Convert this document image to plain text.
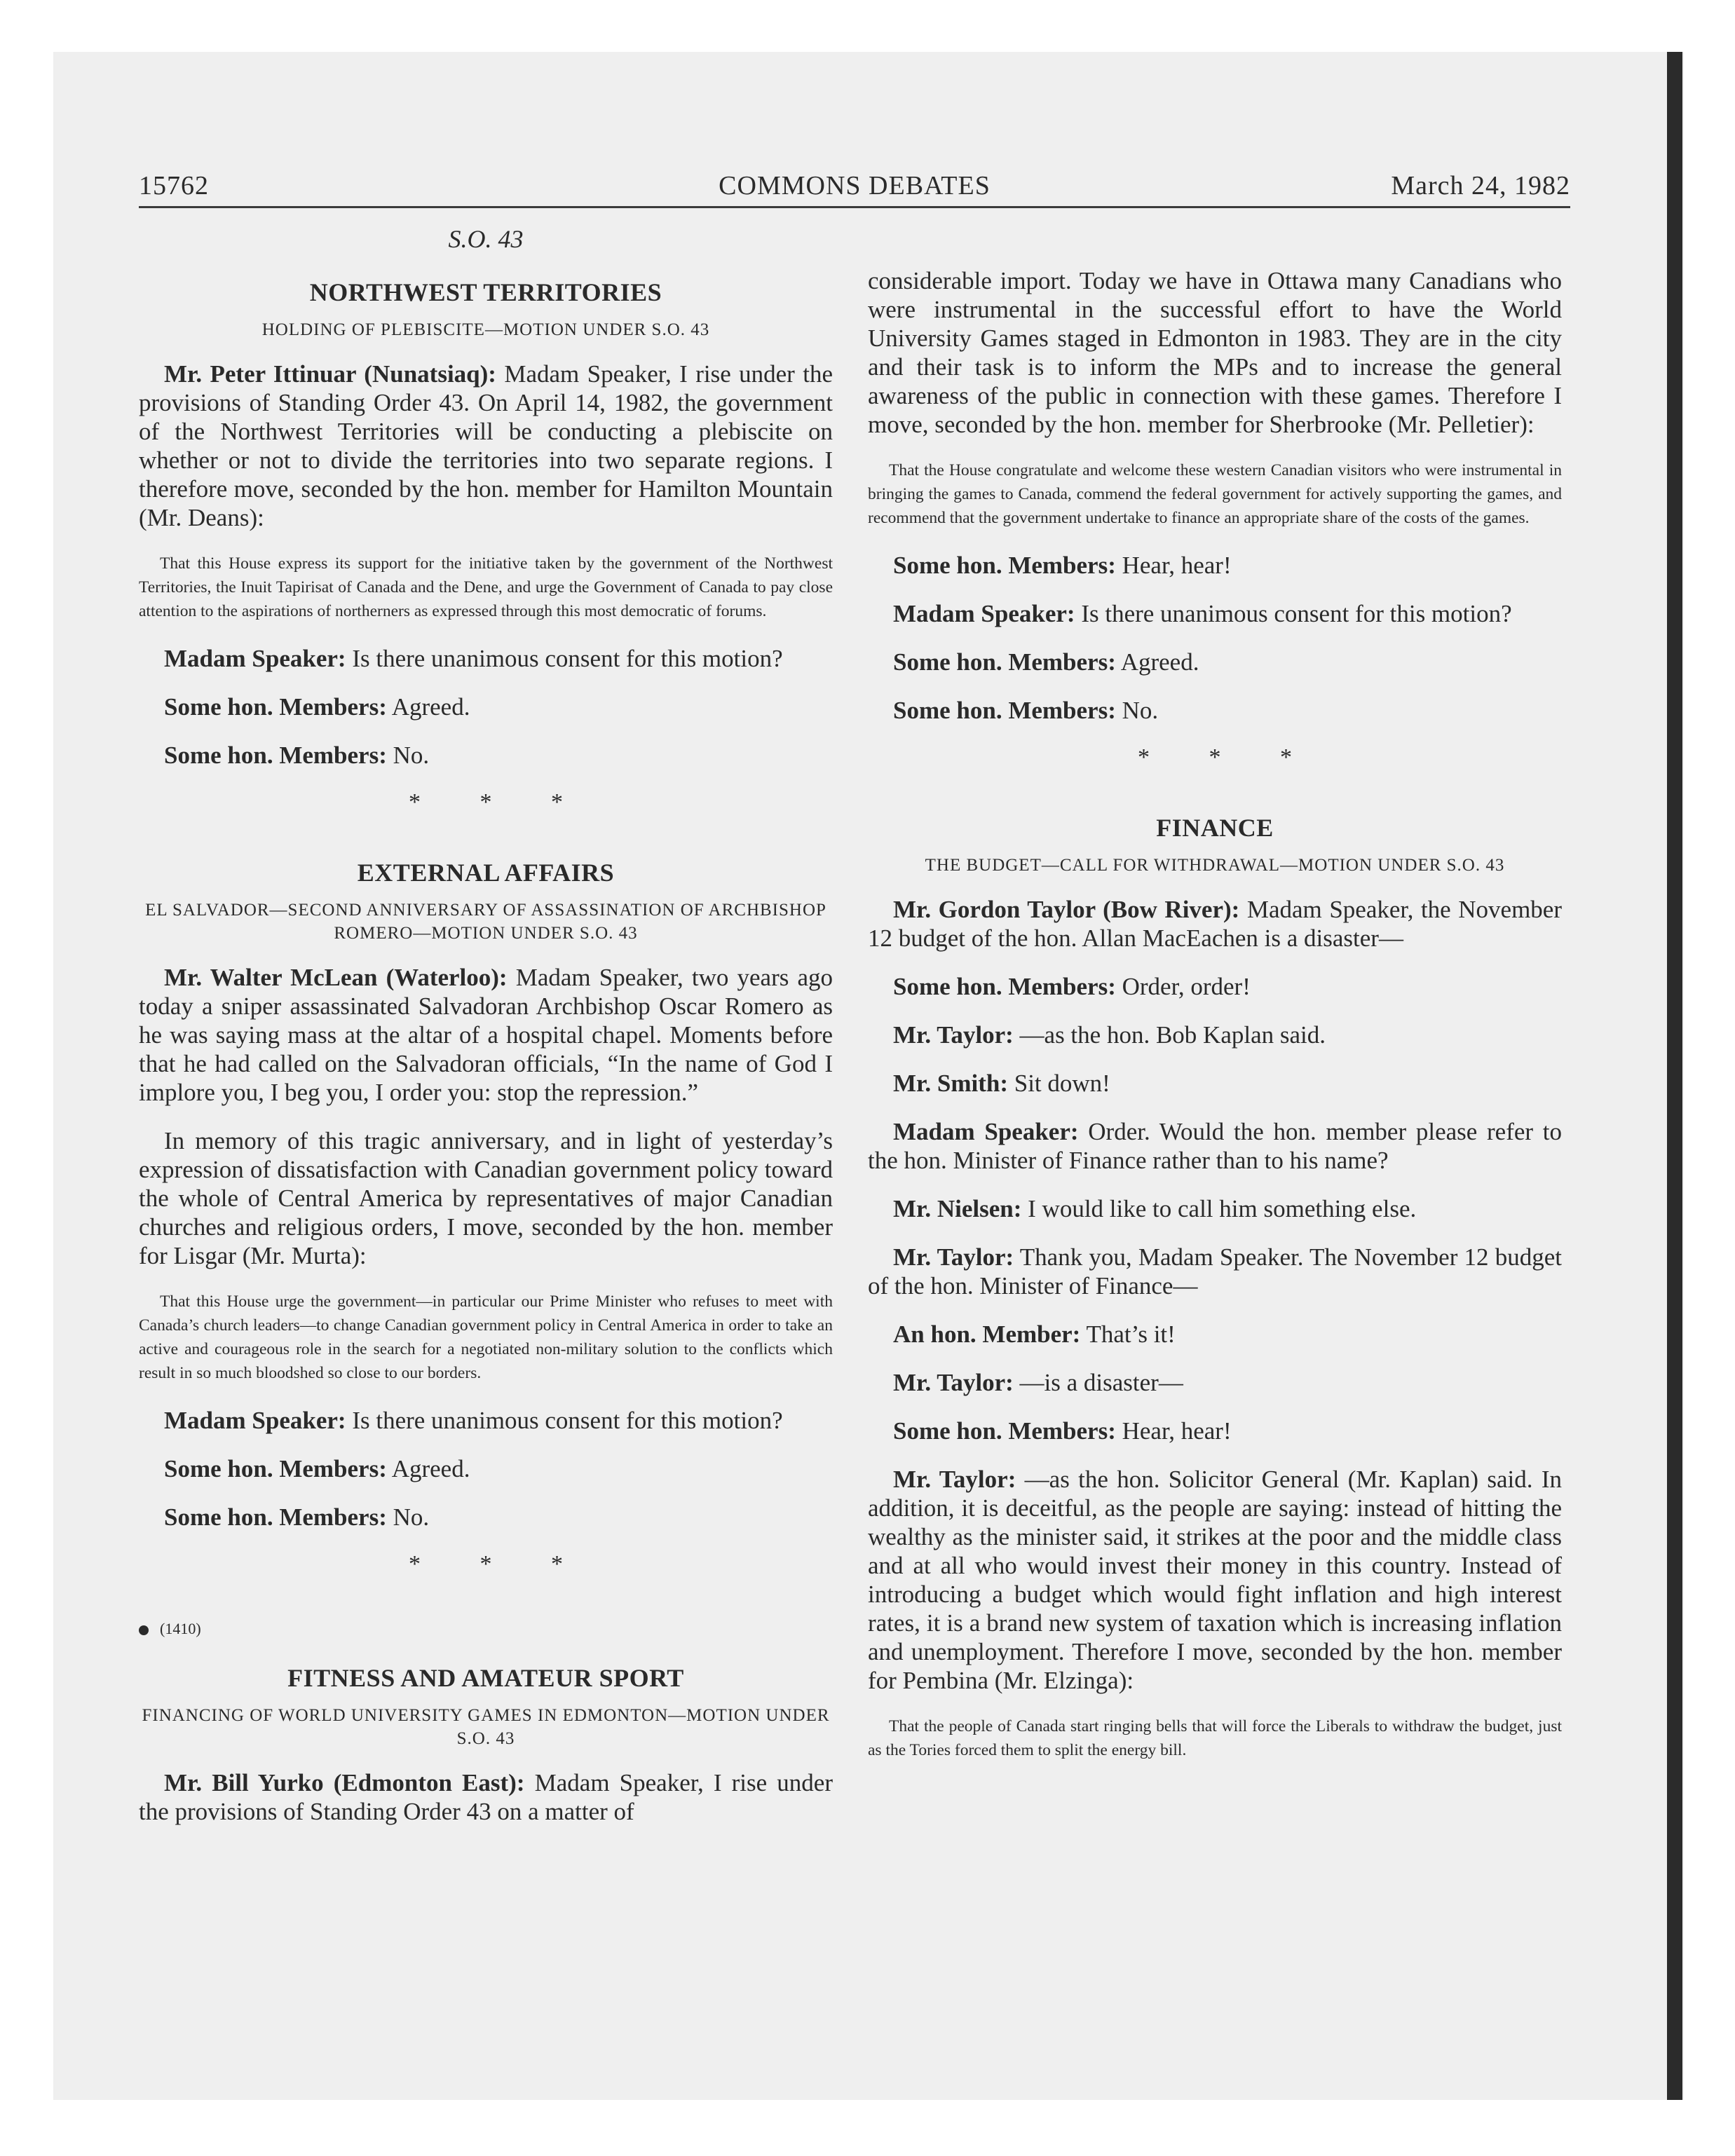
15762	COMMONS DEBATES	March 24, 1982

S.O. 43

NORTHWEST TERRITORIES

HOLDING OF PLEBISCITE—MOTION UNDER S.O. 43

Mr. Peter Ittinuar (Nunatsiaq): Madam Speaker, I rise under the provisions of Standing Order 43. On April 14, 1982, the government of the Northwest Territories will be conducting a plebiscite on whether or not to divide the territories into two separate regions. I therefore move, seconded by the hon. member for Hamilton Mountain (Mr. Deans):

That this House express its support for the initiative taken by the government of the Northwest Territories, the Inuit Tapirisat of Canada and the Dene, and urge the Government of Canada to pay close attention to the aspirations of northerners as expressed through this most democratic of forums.

Madam Speaker: Is there unanimous consent for this motion?

Some hon. Members: Agreed.

Some hon. Members: No.

* * *

EXTERNAL AFFAIRS

EL SALVADOR—SECOND ANNIVERSARY OF ASSASSINATION OF ARCHBISHOP ROMERO—MOTION UNDER S.O. 43

Mr. Walter McLean (Waterloo): Madam Speaker, two years ago today a sniper assassinated Salvadoran Archbishop Oscar Romero as he was saying mass at the altar of a hospital chapel. Moments before that he had called on the Salvadoran officials, “In the name of God I implore you, I beg you, I order you: stop the repression.”

In memory of this tragic anniversary, and in light of yesterday’s expression of dissatisfaction with Canadian government policy toward the whole of Central America by representatives of major Canadian churches and religious orders, I move, seconded by the hon. member for Lisgar (Mr. Murta):

That this House urge the government—in particular our Prime Minister who refuses to meet with Canada’s church leaders—to change Canadian government policy in Central America in order to take an active and courageous role in the search for a negotiated non-military solution to the conflicts which result in so much bloodshed so close to our borders.

Madam Speaker: Is there unanimous consent for this motion?

Some hon. Members: Agreed.

Some hon. Members: No.

* * *

(1410)

FITNESS AND AMATEUR SPORT

FINANCING OF WORLD UNIVERSITY GAMES IN EDMONTON—MOTION UNDER S.O. 43

Mr. Bill Yurko (Edmonton East): Madam Speaker, I rise under the provisions of Standing Order 43 on a matter of

considerable import. Today we have in Ottawa many Canadians who were instrumental in the successful effort to have the World University Games staged in Edmonton in 1983. They are in the city and their task is to inform the MPs and to increase the general awareness of the public in connection with these games. Therefore I move, seconded by the hon. member for Sherbrooke (Mr. Pelletier):

That the House congratulate and welcome these western Canadian visitors who were instrumental in bringing the games to Canada, commend the federal government for actively supporting the games, and recommend that the government undertake to finance an appropriate share of the costs of the games.

Some hon. Members: Hear, hear!

Madam Speaker: Is there unanimous consent for this motion?

Some hon. Members: Agreed.

Some hon. Members: No.

* * *

FINANCE

THE BUDGET—CALL FOR WITHDRAWAL—MOTION UNDER S.O. 43

Mr. Gordon Taylor (Bow River): Madam Speaker, the November 12 budget of the hon. Allan MacEachen is a disaster—

Some hon. Members: Order, order!

Mr. Taylor: —as the hon. Bob Kaplan said.

Mr. Smith: Sit down!

Madam Speaker: Order. Would the hon. member please refer to the hon. Minister of Finance rather than to his name?

Mr. Nielsen: I would like to call him something else.

Mr. Taylor: Thank you, Madam Speaker. The November 12 budget of the hon. Minister of Finance—

An hon. Member: That’s it!

Mr. Taylor: —is a disaster—

Some hon. Members: Hear, hear!

Mr. Taylor: —as the hon. Solicitor General (Mr. Kaplan) said. In addition, it is deceitful, as the people are saying: instead of hitting the wealthy as the minister said, it strikes at the poor and the middle class and at all who would invest their money in this country. Instead of introducing a budget which would fight inflation and high interest rates, it is a brand new system of taxation which is increasing inflation and unemployment. Therefore I move, seconded by the hon. member for Pembina (Mr. Elzinga):

That the people of Canada start ringing bells that will force the Liberals to withdraw the budget, just as the Tories forced them to split the energy bill.
